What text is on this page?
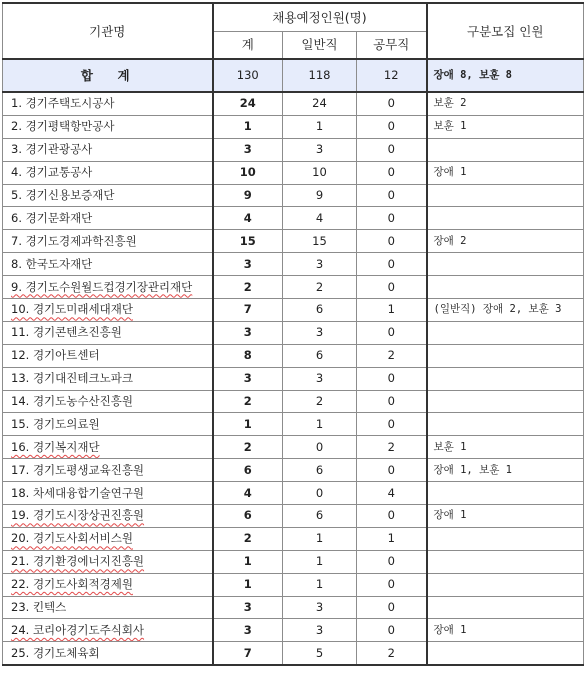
기관명	채용예정인원(명)			구분모집 인원
	계	일반직	공무직	
합　계	130	118	12	장애 8, 보훈 8
1. 경기주택도시공사	24	24	0	보훈 2
2. 경기평택항만공사	1	1	0	보훈 1
3. 경기관광공사	3	3	0	
4. 경기교통공사	10	10	0	장애 1
5. 경기신용보증재단	9	9	0	
6. 경기문화재단	4	4	0	
7. 경기도경제과학진흥원	15	15	0	장애 2
8. 한국도자재단	3	3	0	
9. 경기도수원월드컵경기장관리재단	2	2	0	
10. 경기도미래세대재단	7	6	1	(일반직) 장애 2, 보훈 3
11. 경기콘텐츠진흥원	3	3	0	
12. 경기아트센터	8	6	2	
13. 경기대진테크노파크	3	3	0	
14. 경기도농수산진흥원	2	2	0	
15. 경기도의료원	1	1	0	
16. 경기복지재단	2	0	2	보훈 1
17. 경기도평생교육진흥원	6	6	0	장애 1, 보훈 1
18. 차세대융합기술연구원	4	0	4	
19. 경기도시장상권진흥원	6	6	0	장애 1
20. 경기도사회서비스원	2	1	1	
21. 경기환경에너지진흥원	1	1	0	
22. 경기도사회적경제원	1	1	0	
23. 킨텍스	3	3	0	
24. 코리아경기도주식회사	3	3	0	장애 1
25. 경기도체육회	7	5	2	
